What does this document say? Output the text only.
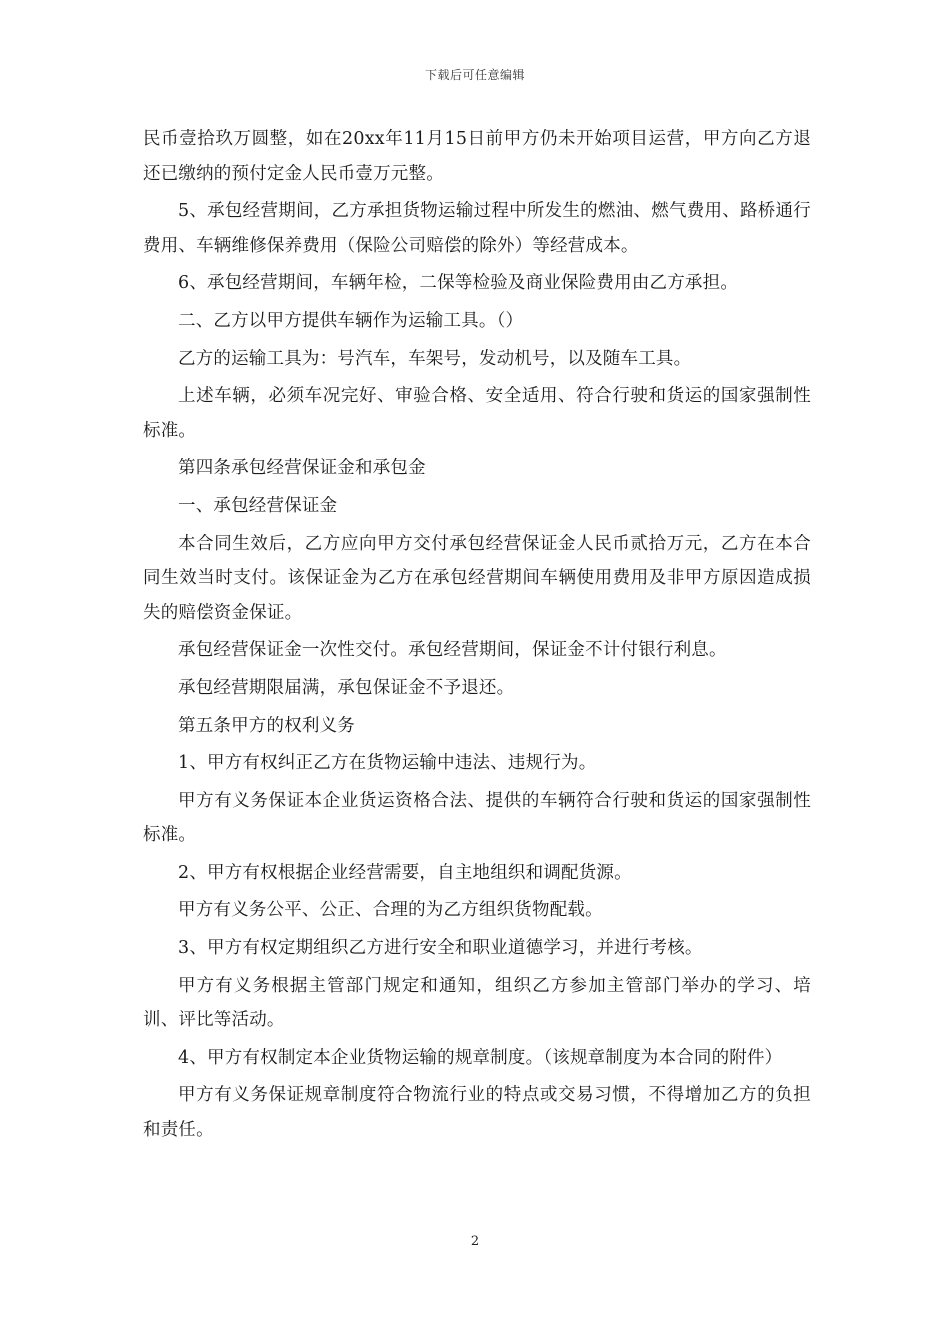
下载后可任意编辑

民币壹拾玖万圆整，如在20xx年11月15日前甲方仍未开始项目运营，甲方向乙方退还已缴纳的预付定金人民币壹万元整。

5、承包经营期间，乙方承担货物运输过程中所发生的燃油、燃气费用、路桥通行费用、车辆维修保养费用（保险公司赔偿的除外）等经营成本。

6、承包经营期间，车辆年检，二保等检验及商业保险费用由乙方承担。

二、乙方以甲方提供车辆作为运输工具。（）

乙方的运输工具为：号汽车，车架号，发动机号，以及随车工具。

上述车辆，必须车况完好、审验合格、安全适用、符合行驶和货运的国家强制性标准。

第四条承包经营保证金和承包金

一、承包经营保证金

本合同生效后，乙方应向甲方交付承包经营保证金人民币贰拾万元，乙方在本合同生效当时支付。该保证金为乙方在承包经营期间车辆使用费用及非甲方原因造成损失的赔偿资金保证。

承包经营保证金一次性交付。承包经营期间，保证金不计付银行利息。

承包经营期限届满，承包保证金不予退还。

第五条甲方的权利义务

1、甲方有权纠正乙方在货物运输中违法、违规行为。

甲方有义务保证本企业货运资格合法、提供的车辆符合行驶和货运的国家强制性标准。

2、甲方有权根据企业经营需要，自主地组织和调配货源。

甲方有义务公平、公正、合理的为乙方组织货物配载。

3、甲方有权定期组织乙方进行安全和职业道德学习，并进行考核。

甲方有义务根据主管部门规定和通知，组织乙方参加主管部门举办的学习、培训、评比等活动。

4、甲方有权制定本企业货物运输的规章制度。（该规章制度为本合同的附件）

甲方有义务保证规章制度符合物流行业的特点或交易习惯，不得增加乙方的负担和责任。

2
